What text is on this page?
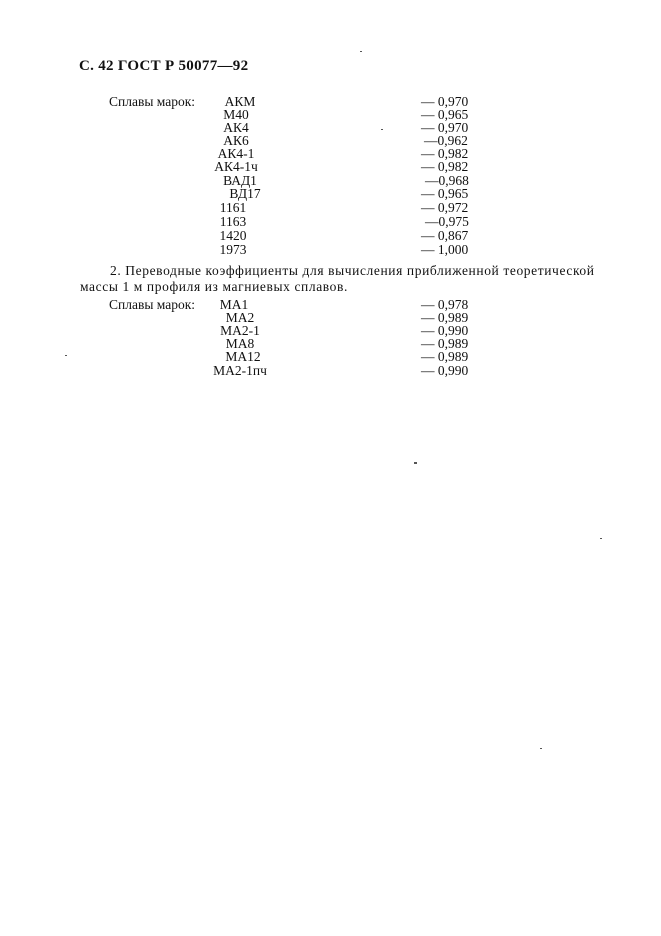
С. 42 ГОСТ Р 50077—92
Сплавы марок:	АКМ	— 0,970
М40	— 0,965
АК4	— 0,970
АК6	—0,962
АК4-1	— 0,982
АК4-1ч	— 0,982
ВАД1	—0,968
ВД17	— 0,965
1161	— 0,972
1163	—0,975
1420	— 0,867
1973	— 1,000
2. Переводные коэффициенты для вычисления приближенной теоретической
массы 1 м профиля из магниевых сплавов.
Сплавы марок:	МА1	— 0,978
МА2	— 0,989
МА2-1	— 0,990
МА8	— 0,989
МА12	— 0,989
МА2-1пч	— 0,990
